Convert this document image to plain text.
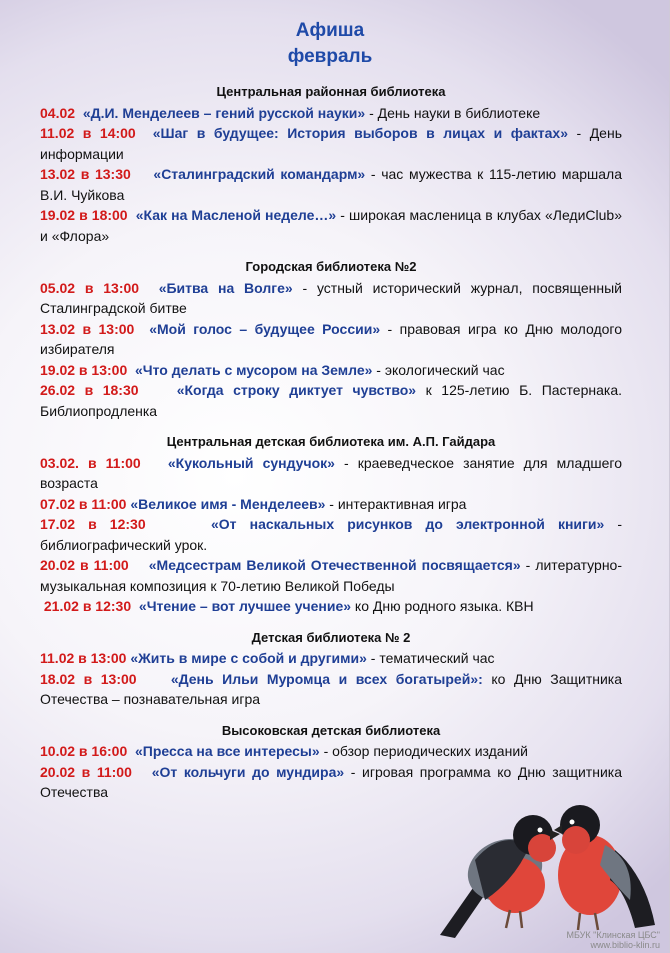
Афиша
февраль

Центральная районная библиотека

04.02 «Д.И. Менделеев – гений русской науки» - День науки в библиотеке

11.02 в 14:00 «Шаг в будущее: История выборов в лицах и фактах» - День информации

13.02 в 13:30 «Сталинградский командарм» - час мужества к 115-летию маршала В.И. Чуйкова

19.02 в 18:00 «Как на Масленой неделе…» - широкая масленица в клубах «ЛедиClub» и «Флора»

Городская библиотека №2

05.02 в 13:00 «Битва на Волге» - устный исторический журнал, посвященный Сталинградской битве

13.02 в 13:00 «Мой голос – будущее России» - правовая игра ко Дню молодого избирателя

19.02 в 13:00 «Что делать с мусором на Земле» - экологический час

26.02 в 18:30	«Когда строку диктует чувство» к 125-летию Б. Пастернака. Библиопродленка

Центральная детская библиотека им. А.П. Гайдара

03.02. в 11:00 «Кукольный сундучок» - краеведческое занятие для младшего возраста

07.02 в 11:00 «Великое имя - Менделеев» - интерактивная игра

17.02 в 12:30	«От наскальных рисунков до электронной книги» - библиографический урок.

20.02 в 11:00 «Медсестрам Великой Отечественной посвящается» - литературно-музыкальная композиция к 70-летию Великой Победы

21.02 в 12:30 «Чтение – вот лучшее учение» ко Дню родного языка. КВН

Детская библиотека № 2

11.02 в 13:00 «Жить в мире с собой и другими» - тематический час

18.02 в 13:00 «День Ильи Муромца и всех богатырей»: ко Дню Защитника Отечества – познавательная игра

Высоковская детская библиотека

10.02 в 16:00 «Пресса на все интересы» - обзор периодических изданий

20.02 в 11:00 «От кольчуги до мундира» - игровая программа ко Дню защитника Отечества

МБУК "Клинская ЦБС"
www.biblio-klin.ru
